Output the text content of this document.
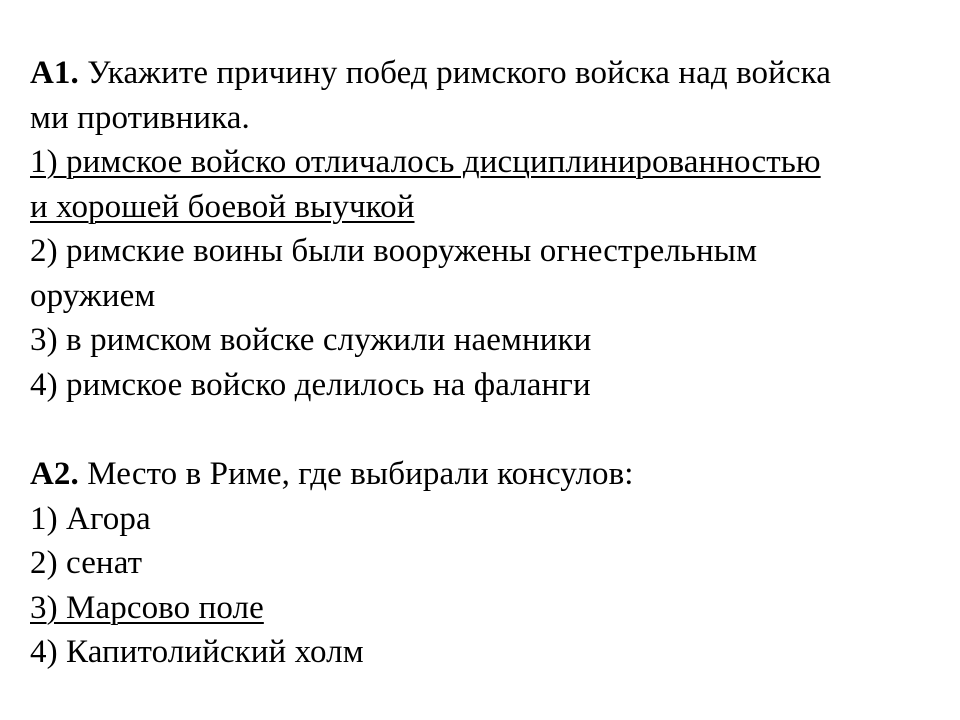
А1. Укажите причину побед римского войска над войска
ми противника.
1) римское войско отличалось дисциплинированностью
и хорошей боевой выучкой
2) римские воины были вооружены огнестрельным
оружием
3) в римском войске служили наемники
4) римское войско делилось на фаланги
А2. Место в Риме, где выбирали консулов:
1) Агора
2) сенат
3) Марсово поле
4) Капитолийский холм
